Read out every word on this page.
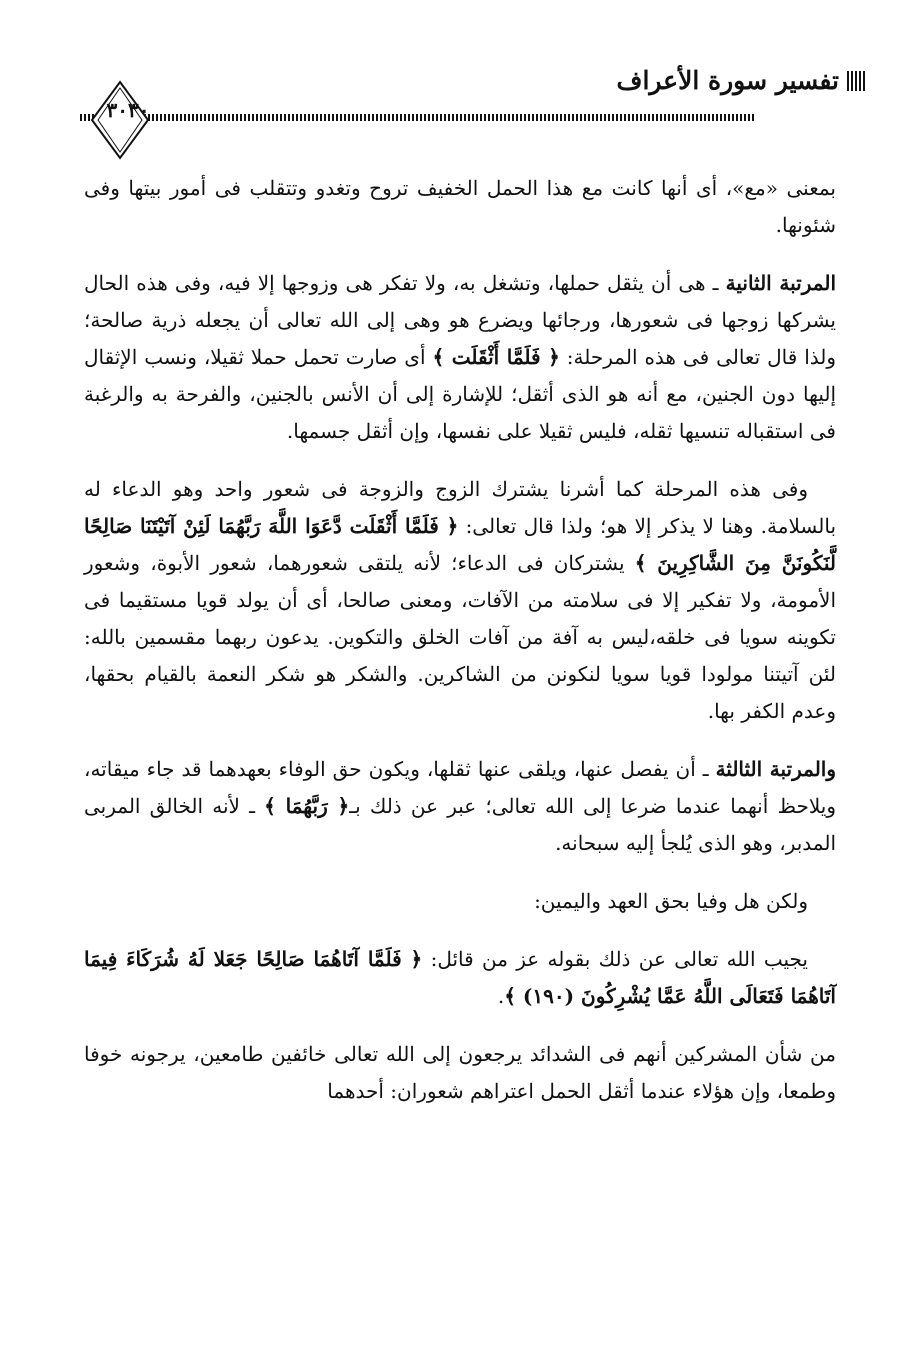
تفسير سورة الأعراف
٣٠٣٠

بمعنى «مع»، أى أنها كانت مع هذا الحمل الخفيف تروح وتغدو وتتقلب فى أمور بيتها وفى شئونها.

المرتبة الثانية ـ هى أن يثقل حملها، وتشغل به، ولا تفكر هى وزوجها إلا فيه، وفى هذه الحال يشركها زوجها فى شعورها، ورجائها ويضرع هو وهى إلى الله تعالى أن يجعله ذرية صالحة؛ ولذا قال تعالى فى هذه المرحلة: ﴿ فَلَمَّا أَثْقَلَت ﴾ أى صارت تحمل حملا ثقيلا، ونسب الإثقال إليها دون الجنين، مع أنه هو الذى أثقل؛ للإشارة إلى أن الأنس بالجنين، والفرحة به والرغبة فى استقباله تنسيها ثقله، فليس ثقيلا على نفسها، وإن أثقل جسمها.

وفى هذه المرحلة كما أشرنا يشترك الزوج والزوجة فى شعور واحد وهو الدعاء له بالسلامة. وهنا لا يذكر إلا هو؛ ولذا قال تعالى: ﴿ فَلَمَّا أَثْقَلَت دَّعَوَا اللَّهَ رَبَّهُمَا لَئِنْ آتَيْتَنَا صَالِحًا لَّنَكُونَنَّ مِنَ الشَّاكِرِينَ ﴾ يشتركان فى الدعاء؛ لأنه يلتقى شعورهما، شعور الأبوة، وشعور الأمومة، ولا تفكير إلا فى سلامته من الآفات، ومعنى صالحا، أى أن يولد قويا مستقيما فى تكوينه سويا فى خلقه،ليس به آفة من آفات الخلق والتكوين. يدعون ربهما مقسمين بالله: لئن آتيتنا مولودا قويا سويا لنكونن من الشاكرين. والشكر هو شكر النعمة بالقيام بحقها، وعدم الكفر بها.

والمرتبة الثالثة ـ أن يفصل عنها، ويلقى عنها ثقلها، ويكون حق الوفاء بعهدهما قد جاء ميقاته، ويلاحظ أنهما عندما ضرعا إلى الله تعالى؛ عبر عن ذلك بـ﴿ رَبَّهُمَا ﴾ ـ لأنه الخالق المربى المدبر، وهو الذى يُلجأ إليه سبحانه.

ولكن هل وفيا بحق العهد واليمين:

يجيب الله تعالى عن ذلك بقوله عز من قائل: ﴿ فَلَمَّا آتَاهُمَا صَالِحًا جَعَلا لَهُ شُرَكَاءَ فِيمَا آتَاهُمَا فَتَعَالَى اللَّهُ عَمَّا يُشْرِكُونَ (١٩٠) ﴾.

من شأن المشركين أنهم فى الشدائد يرجعون إلى الله تعالى خائفين طامعين، يرجونه خوفا وطمعا، وإن هؤلاء عندما أثقل الحمل اعتراهم شعوران: أحدهما
